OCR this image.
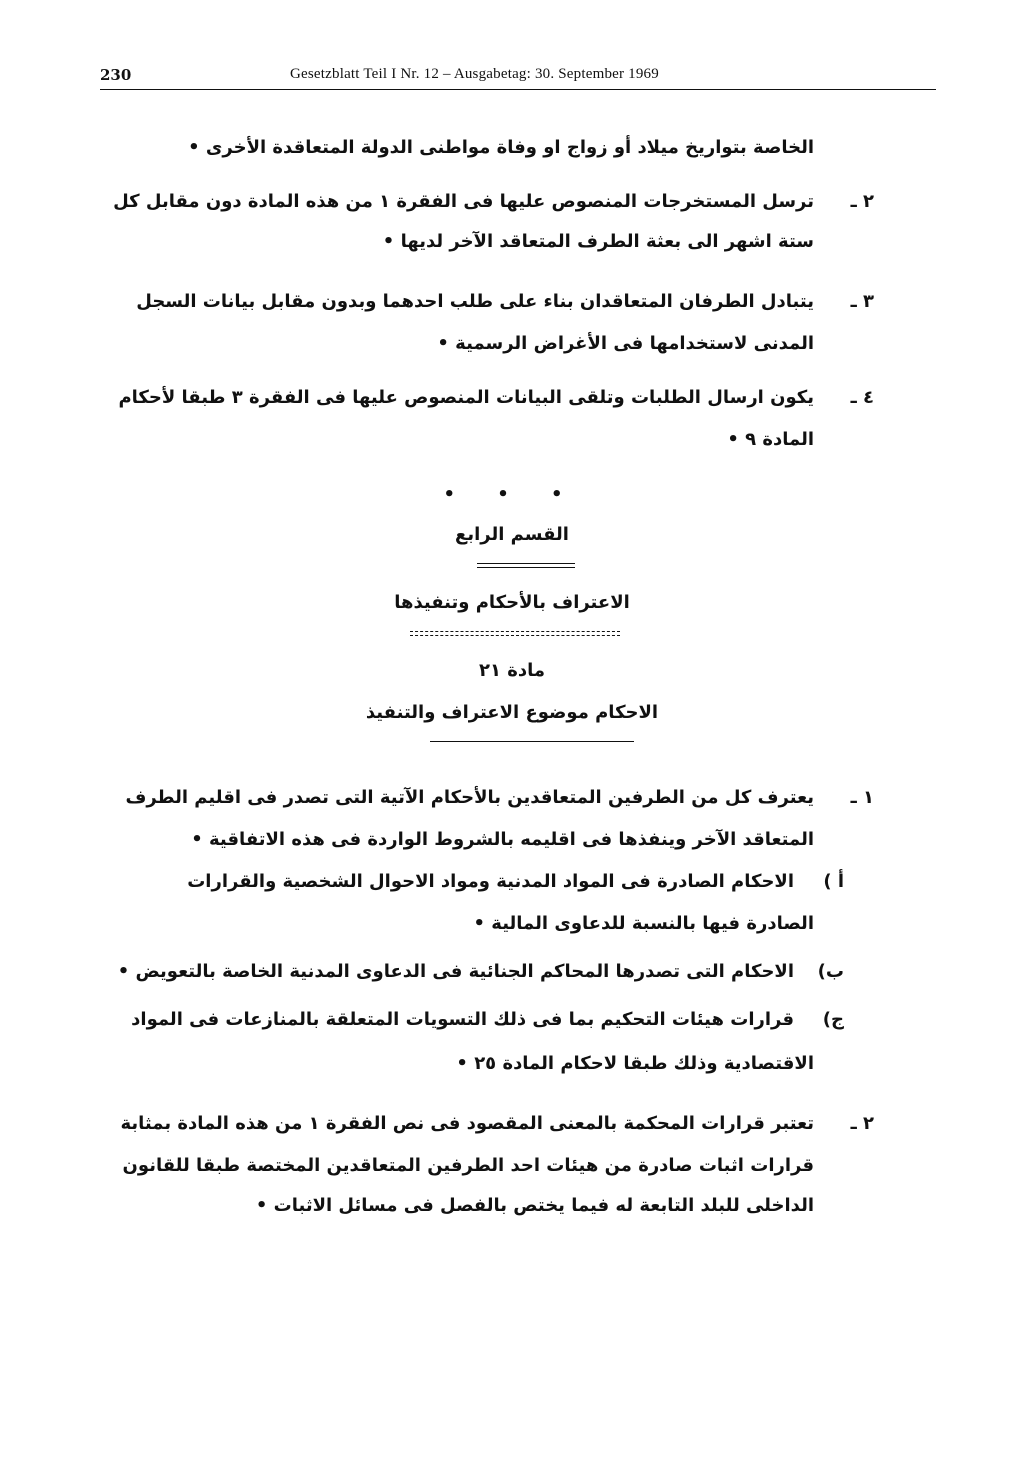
230	Gesetzblatt Teil I Nr. 12 – Ausgabetag: 30. September 1969
الخاصة بتواريخ ميلاد أو زواج او وفاة مواطنى الدولة المتعاقدة الأخرى •
٢ ـ
ترسل المستخرجات المنصوص عليها فى الفقرة ١ من هذه المادة دون مقابل كل
ستة اشهر الى بعثة الطرف المتعاقد الآخر لديها •
٣ ـ
يتبادل الطرفان المتعاقدان بناء على طلب احدهما وبدون مقابل بيانات السجل
المدنى لاستخدامها فى الأغراض الرسمية •
٤ ـ
يكون ارسال الطلبات وتلقى البيانات المنصوص عليها فى الفقرة ٣ طبقا لأحكام
المادة ٩ •
• • •
القسم الرابع
الاعتراف بالأحكام وتنفيذها
مادة ٢١
الاحكام موضوع الاعتراف والتنفيذ
١ ـ
يعترف كل من الطرفين المتعاقدين بالأحكام الآتية التى تصدر فى اقليم الطرف
المتعاقد الآخر وينفذها فى اقليمه بالشروط الواردة فى هذه الاتفاقية •
أ )
الاحكام الصادرة فى المواد المدنية ومواد الاحوال الشخصية والقرارات
الصادرة فيها بالنسبة للدعاوى المالية •
ب)
الاحكام التى تصدرها المحاكم الجنائية فى الدعاوى المدنية الخاصة بالتعويض •
ج)
قرارات هيئات التحكيم بما فى ذلك التسويات المتعلقة بالمنازعات فى المواد
الاقتصادية وذلك طبقا لاحكام المادة ٢٥ •
٢ ـ
تعتبر قرارات المحكمة بالمعنى المقصود فى نص الفقرة ١ من هذه المادة بمثابة
قرارات اثبات صادرة من هيئات احد الطرفين المتعاقدين المختصة طبقا للقانون
الداخلى للبلد التابعة له فيما يختص بالفصل فى مسائل الاثبات •
